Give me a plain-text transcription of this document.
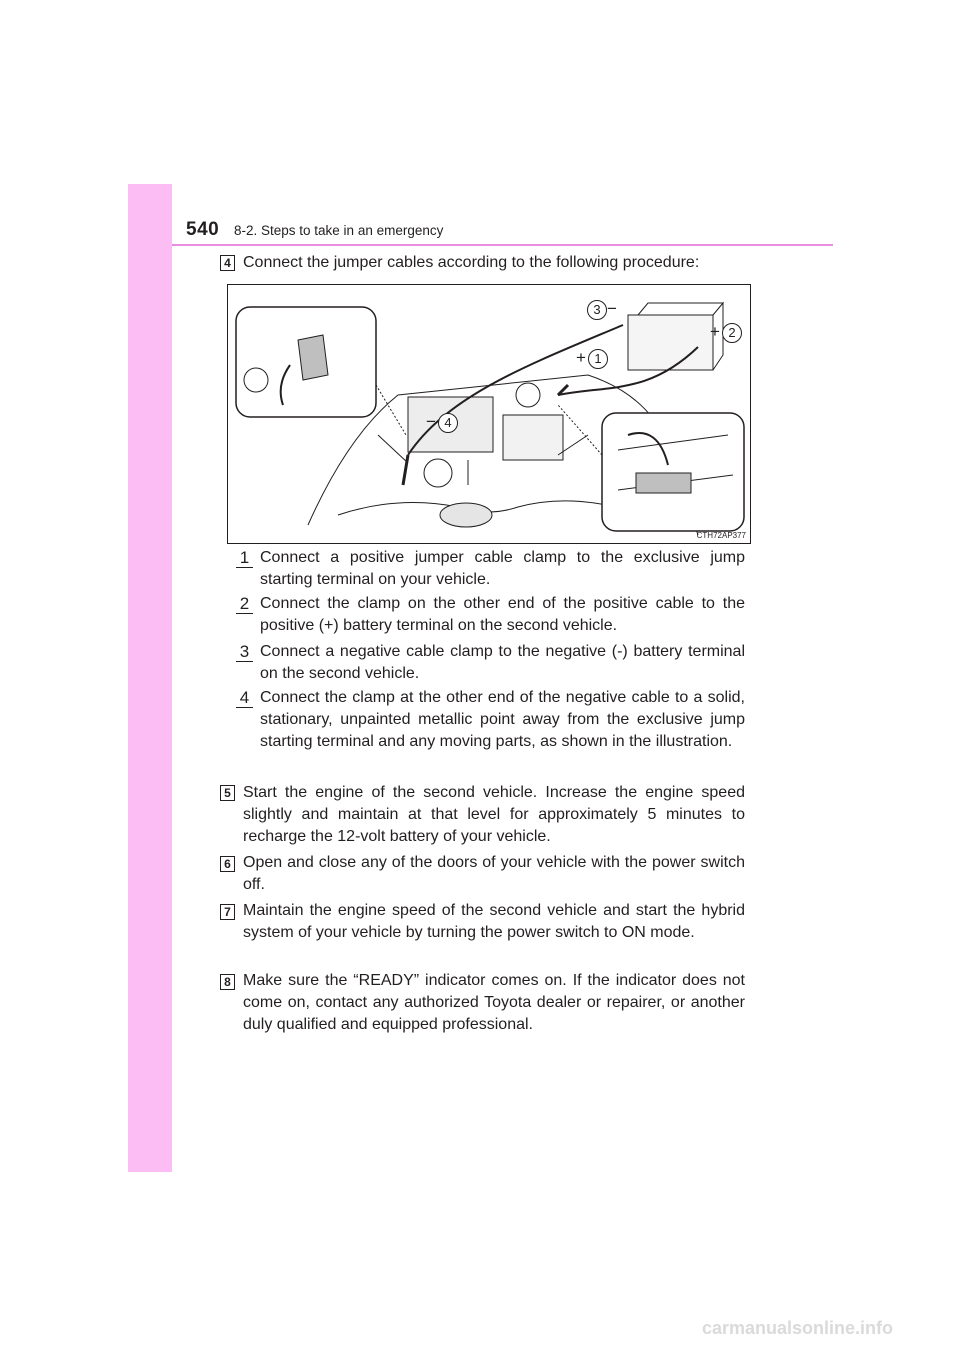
540 8-2. Steps to take in an emergency
4 Connect the jumper cables according to the following procedure:
3 −
+ 2
+ 1
− 4
CTH72AP377
1 Connect a positive jumper cable clamp to the exclusive jump starting terminal on your vehicle.
2 Connect the clamp on the other end of the positive cable to the positive (+) battery terminal on the second vehicle.
3 Connect a negative cable clamp to the negative (-) battery terminal on the second vehicle.
4 Connect the clamp at the other end of the negative cable to a solid, stationary, unpainted metallic point away from the exclusive jump starting terminal and any moving parts, as shown in the illustration.
5 Start the engine of the second vehicle. Increase the engine speed slightly and maintain at that level for approximately 5 minutes to recharge the 12-volt battery of your vehicle.
6 Open and close any of the doors of your vehicle with the power switch off.
7 Maintain the engine speed of the second vehicle and start the hybrid system of your vehicle by turning the power switch to ON mode.
8 Make sure the “READY” indicator comes on. If the indicator does not come on, contact any authorized Toyota dealer or repairer, or another duly qualified and equipped professional.
carmanualsonline.info
